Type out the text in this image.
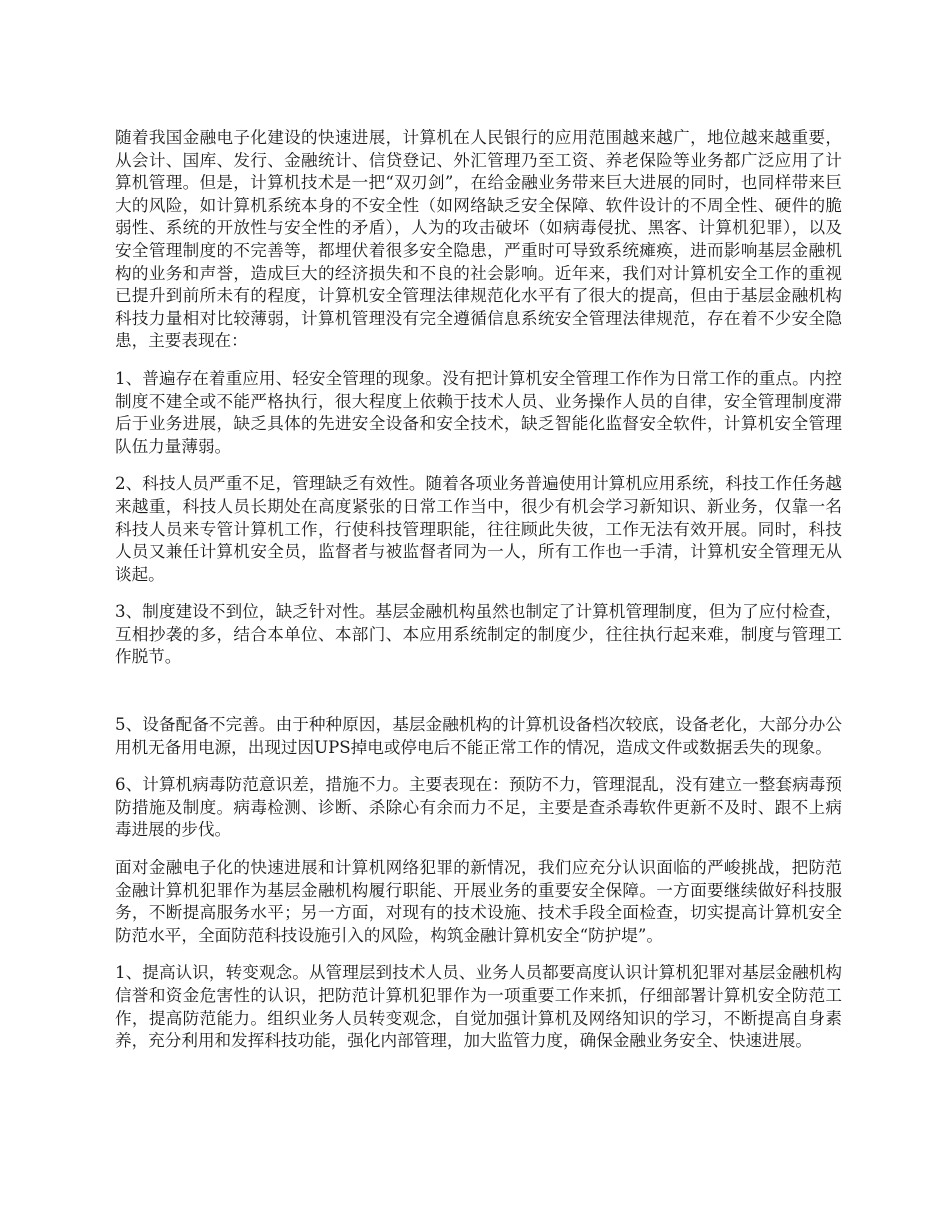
随着我国金融电子化建设的快速进展，计算机在人民银行的应用范围越来越广，地位越来越重要，从会计、国库、发行、金融统计、信贷登记、外汇管理乃至工资、养老保险等业务都广泛应用了计算机管理。但是，计算机技术是一把“双刃剑”，在给金融业务带来巨大进展的同时，也同样带来巨大的风险，如计算机系统本身的不安全性（如网络缺乏安全保障、软件设计的不周全性、硬件的脆弱性、系统的开放性与安全性的矛盾），人为的攻击破坏（如病毒侵扰、黑客、计算机犯罪），以及安全管理制度的不完善等，都埋伏着很多安全隐患，严重时可导致系统瘫痪，进而影响基层金融机构的业务和声誉，造成巨大的经济损失和不良的社会影响。近年来，我们对计算机安全工作的重视已提升到前所未有的程度，计算机安全管理法律规范化水平有了很大的提高，但由于基层金融机构科技力量相对比较薄弱，计算机管理没有完全遵循信息系统安全管理法律规范，存在着不少安全隐患，主要表现在：

1、普遍存在着重应用、轻安全管理的现象。没有把计算机安全管理工作作为日常工作的重点。内控制度不建全或不能严格执行，很大程度上依赖于技术人员、业务操作人员的自律，安全管理制度滞后于业务进展，缺乏具体的先进安全设备和安全技术，缺乏智能化监督安全软件，计算机安全管理队伍力量薄弱。

2、科技人员严重不足，管理缺乏有效性。随着各项业务普遍使用计算机应用系统，科技工作任务越来越重，科技人员长期处在高度紧张的日常工作当中，很少有机会学习新知识、新业务，仅靠一名科技人员来专管计算机工作，行使科技管理职能，往往顾此失彼，工作无法有效开展。同时，科技人员又兼任计算机安全员，监督者与被监督者同为一人，所有工作也一手清，计算机安全管理无从谈起。

3、制度建设不到位，缺乏针对性。基层金融机构虽然也制定了计算机管理制度，但为了应付检查，互相抄袭的多，结合本单位、本部门、本应用系统制定的制度少，往往执行起来难，制度与管理工作脱节。

5、设备配备不完善。由于种种原因，基层金融机构的计算机设备档次较底，设备老化，大部分办公用机无备用电源，出现过因UPS掉电或停电后不能正常工作的情况，造成文件或数据丢失的现象。

6、计算机病毒防范意识差，措施不力。主要表现在：预防不力，管理混乱，没有建立一整套病毒预防措施及制度。病毒检测、诊断、杀除心有余而力不足，主要是查杀毒软件更新不及时、跟不上病毒进展的步伐。

面对金融电子化的快速进展和计算机网络犯罪的新情况，我们应充分认识面临的严峻挑战，把防范金融计算机犯罪作为基层金融机构履行职能、开展业务的重要安全保障。一方面要继续做好科技服务，不断提高服务水平；另一方面，对现有的技术设施、技术手段全面检查，切实提高计算机安全防范水平，全面防范科技设施引入的风险，构筑金融计算机安全“防护堤”。

1、提高认识，转变观念。从管理层到技术人员、业务人员都要高度认识计算机犯罪对基层金融机构信誉和资金危害性的认识，把防范计算机犯罪作为一项重要工作来抓，仔细部署计算机安全防范工作，提高防范能力。组织业务人员转变观念，自觉加强计算机及网络知识的学习，不断提高自身素养，充分利用和发挥科技功能，强化内部管理，加大监管力度，确保金融业务安全、快速进展。
